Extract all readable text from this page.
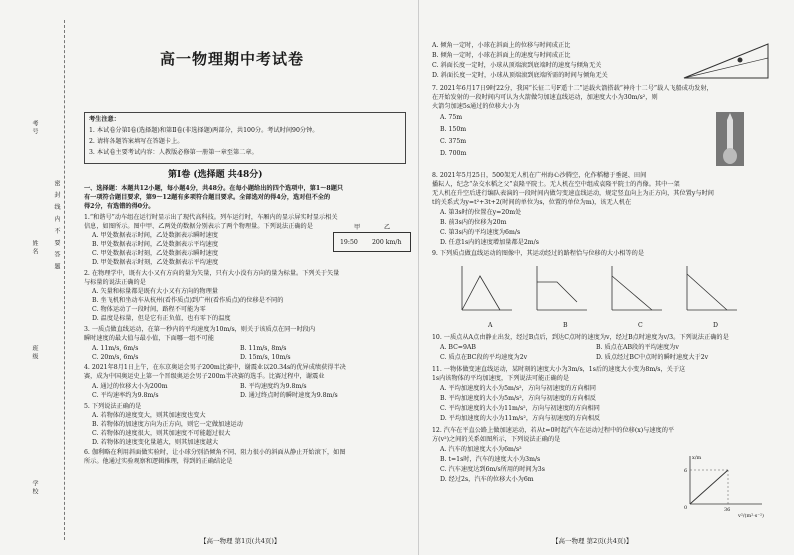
考号
姓名
班级
学校
密 封 线 内 不 要 答 题
高一物理期中考试卷
考生注意：
1. 本试卷分第Ⅰ卷(选择题)和第Ⅱ卷(非选择题)两部分，共100分。考试时间90分钟。
2. 请将各题答案填写在答题卡上。
3. 本试卷主要考试内容：人教版必修第一册第一章至第二章。
第Ⅰ卷 (选择题 共48分)
一、选择题：本题共12小题，每小题4分，共48分。在每小题给出的四个选项中，第1～8题只
有一项符合题目要求，第9～12题有多项符合题目要求。全部选对的得4分，选对但不全的
得2分，有选错的得0分。
1.“和谐号”动车组在运行时显示出了现代高科技。列车运行时，车厢内的显示屏实时显示相关
信息，如图所示。图中甲、乙两处的数据分别表示了两个物理量。下列说法正确的是	甲	乙
19:50 200 km/h
A. 甲处数据表示时间，乙处数据表示瞬时速度
B. 甲处数据表示时间，乙处数据表示平均速度
C. 甲处数据表示时刻，乙处数据表示瞬时速度
D. 甲处数据表示时刻，乙处数据表示平均速度
2. 在物理学中，既有大小又有方向的量为矢量，只有大小没有方向的量为标量。下列关于矢量
与标量的说法正确的是
A. 矢量和标量都是既有大小又有方向的物理量
B. 坐飞机和坐动车从杭州(看作质点)到广州(看作质点)的位移是不同的
C. 物体运动了一段时间，路程不可能为零
D. 温度是标量，但是它有正负值，也有零下的温度
3. 一质点做直线运动，在第一秒内的平均速度为10m/s，则关于该质点在同一时段内
瞬时速度的最大值与最小值，下面哪一组不可能
A. 11m/s, 6m/s	B. 11m/s, 8m/s
C. 20m/s, 6m/s	D. 15m/s, 10m/s
4. 2021年8月1日上午，在东京奥运会男子200m比赛中，谢震业以20.34s的优异成绩获得半决
赛，成为中国奥运史上第一个晋级奥运会男子200m半决赛的选手。比赛过程中，谢震业
A. 通过的位移大小为200m	B. 平均速度约为9.8m/s
C. 平均速率约为9.8m/s	D. 通过终点时的瞬时速度为9.8m/s
5. 下列说法正确的是
A. 若物体的速度变大，则其加速度也变大
B. 若物体的加速度方向为正方向，则它一定做加速运动
C. 若物体的速度很大，则其加速度不可能超过很大
D. 若物体的速度变化量越大，则其加速度越大
6. 伽利略在利用斜面做实验时，让小球分别沿倾角不同、阻力很小的斜面从静止开始滚下，如图
所示。他通过实验观察和逻辑推理，得到的正确结论是
【高一物理 第1页(共4页)】
A. 倾角一定时，小球在斜面上的位移与时间成正比
B. 倾角一定时，小球在斜面上的速度与时间成正比
C. 斜面长度一定时，小球从顶端滚到底端时的速度与倾角无关
D. 斜面长度一定时，小球从顶端滚到底端所需的时间与倾角无关
7. 2021年6月17日9时22分，我国“长征二号F遥十二”运载火箭搭载“神舟十二号”载人飞船成功发射，
在开始发射的一段时间内可认为火箭做匀加速直线运动，加速度大小为30m/s²，则
火箭匀加速5s通过的位移大小为
A. 75m
B. 150m
C. 375m
D. 700m
8. 2021年5月25日，500架无人机在广州海心沙腾空，化作稻穗于垂涎、田间
播耘人，纪念“杂交水稻之父”袁隆平院士。无人机在空中组成袁隆平院士的肖像。其中一架
无人机在升空后进行编队表演的一段时间内做匀变速直线运动，规定竖直向上为正方向，其位置y与时间
t的关系式为y=t²+3t+2(时间的单位为s，位置的单位为m)，该无人机在
A. 第3s时的位置在y=20m处
B. 前3s内的位移为20m
C. 第3s内的平均速度为6m/s
D. 任意1s内的速度增加量都是2m/s
9. 下列质点做直线运动的图像中，其运动经过的路程恰与位移的大小相等的是
A	B	C	D
10. 一质点从A点由静止出发，经过B点后，到达C点时的速度为v，经过B点时速度为v/3。下列说法正确的是
A. BC=9AB	B. 质点在AB段的平均速度为v
C. 质点在BC段的平均速度为2v	D. 质点经过BC中点时的瞬时速度大于2v
11. 一物体做变速直线运动，某时刻的速度大小为3m/s，1s后的速度大小变为8m/s，关于这
1s内该物体的平均加速度，下列说法可能正确的是
A. 平均加速度的大小为5m/s²，方向与初速度的方向相同
B. 平均加速度的大小为5m/s²，方向与初速度的方向相反
C. 平均加速度的大小为11m/s²，方向与初速度的方向相同
D. 平均加速度的大小为11m/s²，方向与初速度的方向相反
12. 汽车在平直公路上做加速运动，若从t=0时起汽车在运动过程中的位移(x)与速度的平
方(v²)之间的关系如图所示，下列说法正确的是
A. 汽车的加速度大小为6m/s²
B. t=1s时，汽车的速度大小为3m/s
C. 汽车速度达到6m/s所用的时间为3s
D. 经过2s，汽车的位移大小为6m
x/m
6
0	36
v²/(m²·s⁻²)
【高一物理 第2页(共4页)】
